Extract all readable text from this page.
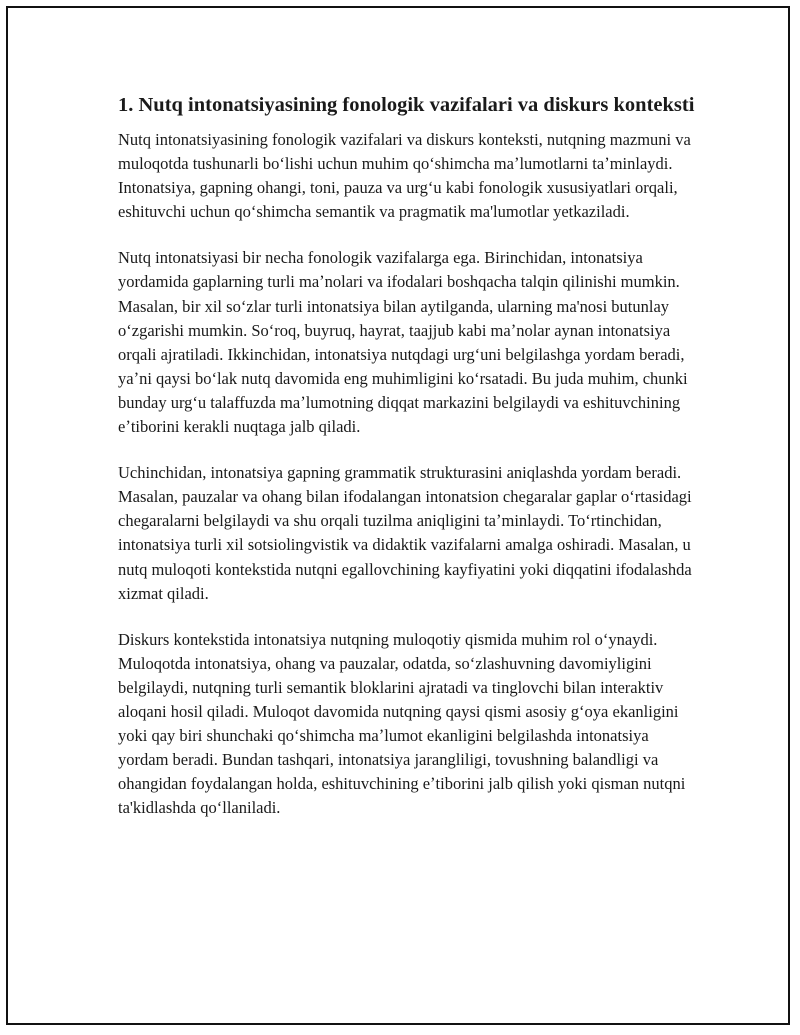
1. Nutq intonatsiyasining fonologik vazifalari va diskurs konteksti

Nutq intonatsiyasining fonologik vazifalari va diskurs konteksti, nutqning mazmuni va muloqotda tushunarli boʻlishi uchun muhim qoʻshimcha maʼlumotlarni taʼminlaydi. Intonatsiya, gapning ohangi, toni, pauza va urgʻu kabi fonologik xususiyatlari orqali, eshituvchi uchun qoʻshimcha semantik va pragmatik ma'lumotlar yetkaziladi.

Nutq intonatsiyasi bir necha fonologik vazifalarga ega. Birinchidan, intonatsiya yordamida gaplarning turli maʼnolari va ifodalari boshqacha talqin qilinishi mumkin. Masalan, bir xil soʻzlar turli intonatsiya bilan aytilganda, ularning ma'nosi butunlay oʻzgarishi mumkin. Soʻroq, buyruq, hayrat, taajjub kabi maʼnolar aynan intonatsiya orqali ajratiladi. Ikkinchidan, intonatsiya nutqdagi urgʻuni belgilashga yordam beradi, yaʼni qaysi boʻlak nutq davomida eng muhimligini koʻrsatadi. Bu juda muhim, chunki bunday urgʻu talaffuzda maʼlumotning diqqat markazini belgilaydi va eshituvchining eʼtiborini kerakli nuqtaga jalb qiladi.

Uchinchidan, intonatsiya gapning grammatik strukturasini aniqlashda yordam beradi. Masalan, pauzalar va ohang bilan ifodalangan intonatsion chegaralar gaplar oʻrtasidagi chegaralarni belgilaydi va shu orqali tuzilma aniqligini taʼminlaydi. Toʻrtinchidan, intonatsiya turli xil sotsiolingvistik va didaktik vazifalarni amalga oshiradi. Masalan, u nutq muloqoti kontekstida nutqni egallovchining kayfiyatini yoki diqqatini ifodalashda xizmat qiladi.

Diskurs kontekstida intonatsiya nutqning muloqotiy qismida muhim rol oʻynaydi. Muloqotda intonatsiya, ohang va pauzalar, odatda, soʻzlashuvning davomiyligini belgilaydi, nutqning turli semantik bloklarini ajratadi va tinglovchi bilan interaktiv aloqani hosil qiladi. Muloqot davomida nutqning qaysi qismi asosiy gʻoya ekanligini yoki qay biri shunchaki qoʻshimcha maʼlumot ekanligini belgilashda intonatsiya yordam beradi. Bundan tashqari, intonatsiya jarangliligi, tovushning balandligi va ohangidan foydalangan holda, eshituvchining eʼtiborini jalb qilish yoki qisman nutqni ta'kidlashda qoʻllaniladi.
